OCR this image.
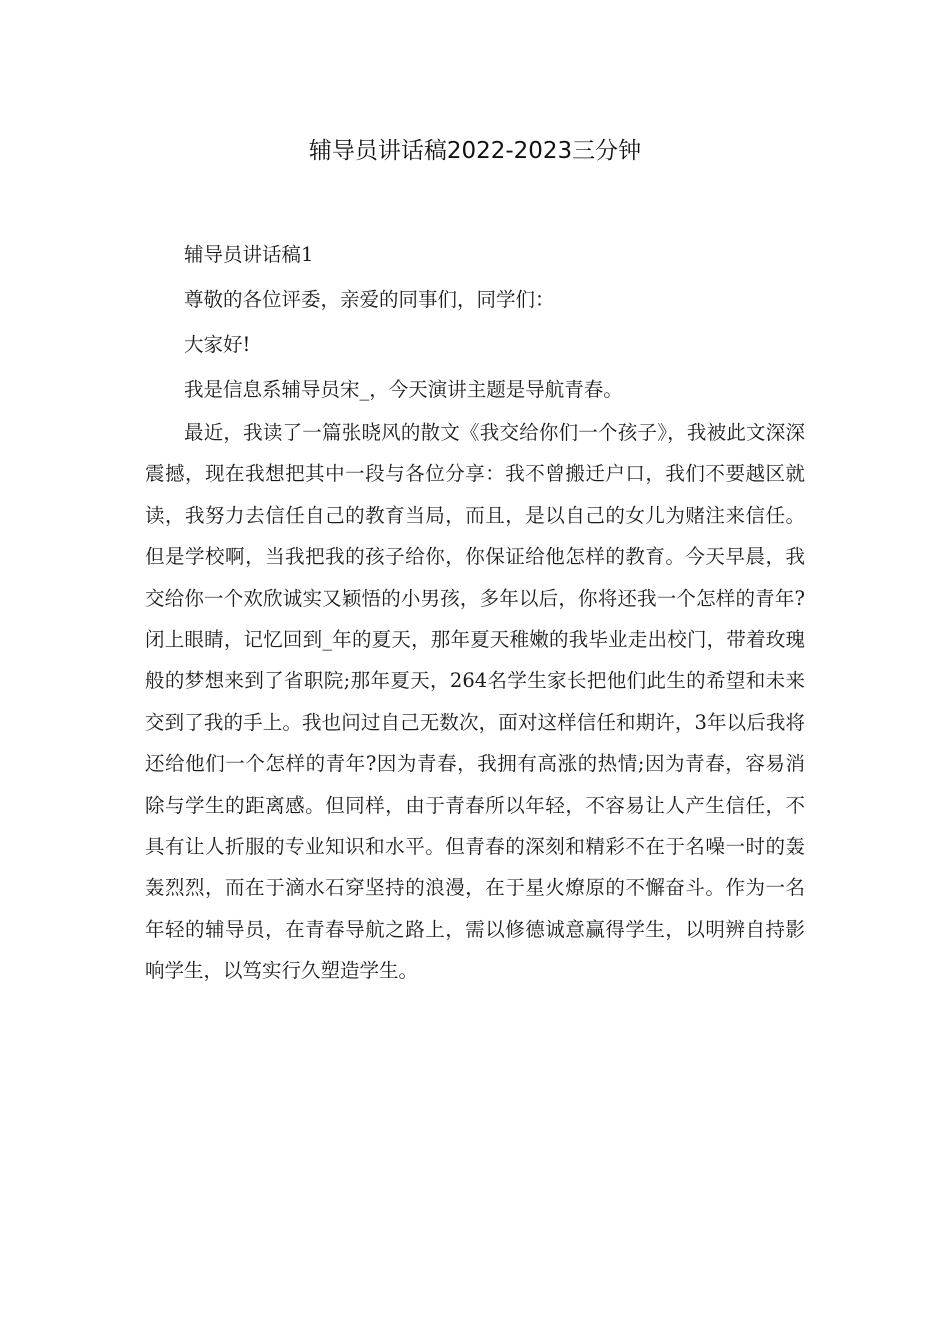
辅导员讲话稿2022-2023三分钟

辅导员讲话稿1

尊敬的各位评委，亲爱的同事们，同学们：

大家好!

我是信息系辅导员宋_，今天演讲主题是导航青春。

最近，我读了一篇张晓风的散文《我交给你们一个孩子》，我被此文深深震撼，现在我想把其中一段与各位分享：我不曾搬迁户口，我们不要越区就读，我努力去信任自己的教育当局，而且，是以自己的女儿为赌注来信任。但是学校啊，当我把我的孩子给你，你保证给他怎样的教育。今天早晨，我交给你一个欢欣诚实又颖悟的小男孩，多年以后，你将还我一个怎样的青年?闭上眼睛，记忆回到_年的夏天，那年夏天稚嫩的我毕业走出校门，带着玫瑰般的梦想来到了省职院;那年夏天，264名学生家长把他们此生的希望和未来交到了我的手上。我也问过自己无数次，面对这样信任和期许，3年以后我将还给他们一个怎样的青年?因为青春，我拥有高涨的热情;因为青春，容易消除与学生的距离感。但同样，由于青春所以年轻，不容易让人产生信任，不具有让人折服的专业知识和水平。但青春的深刻和精彩不在于名噪一时的轰轰烈烈，而在于滴水石穿坚持的浪漫，在于星火燎原的不懈奋斗。作为一名年轻的辅导员，在青春导航之路上，需以修德诚意赢得学生，以明辨自持影响学生，以笃实行久塑造学生。
